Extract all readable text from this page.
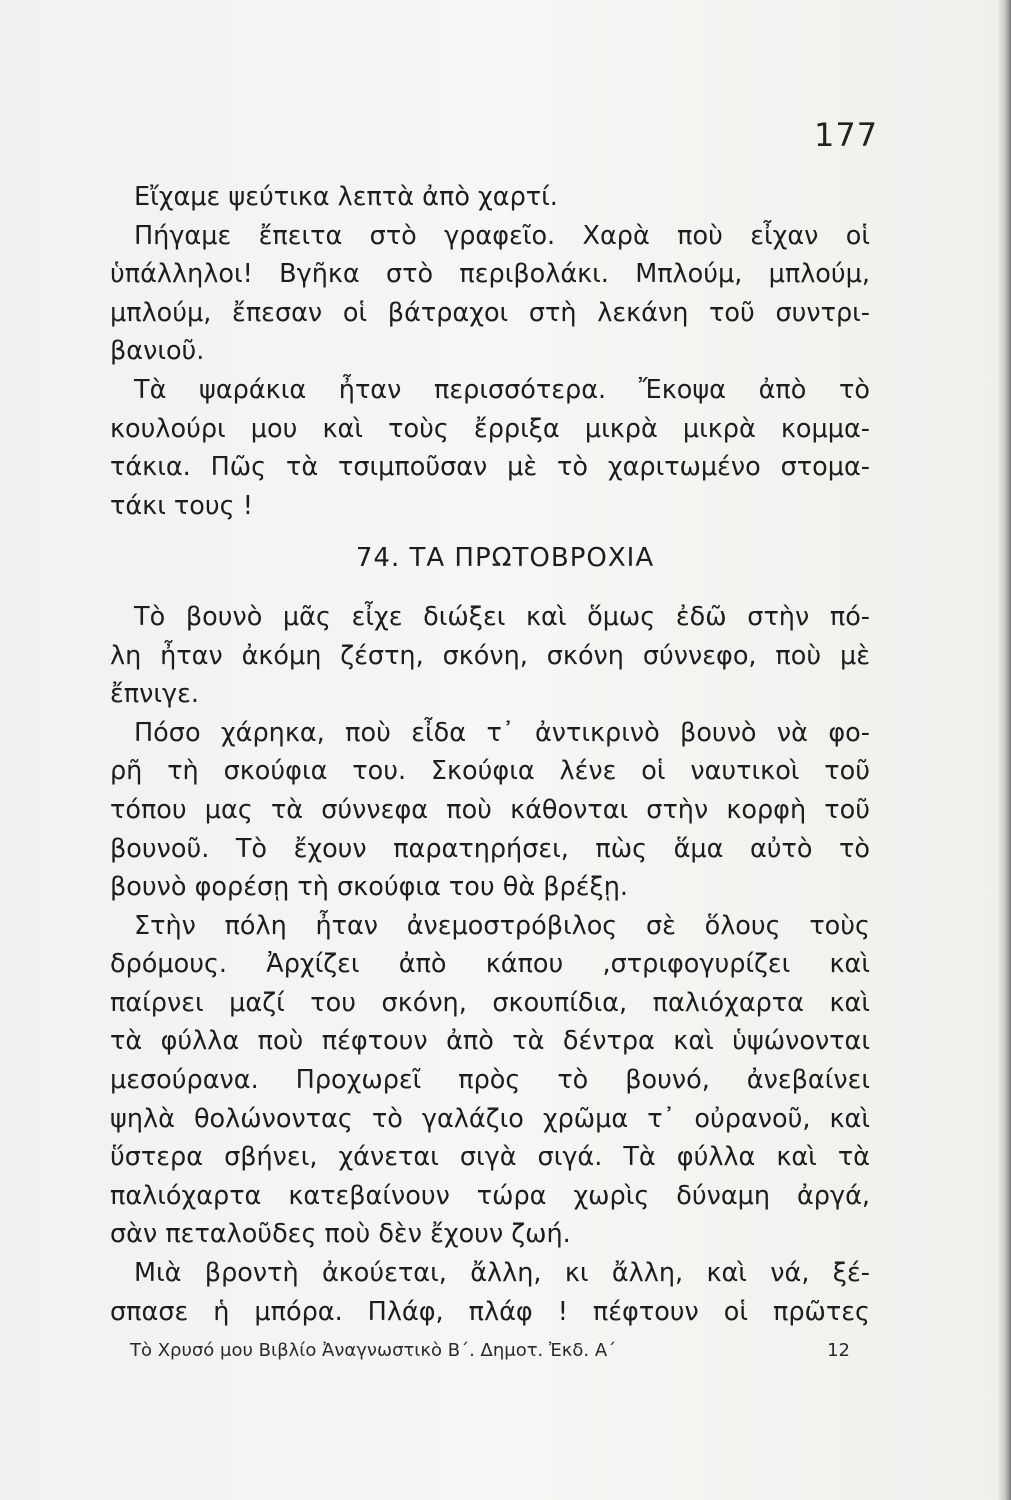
177
Εἴχαμε ψεύτικα λεπτὰ ἀπὸ χαρτί.
Πήγαμε ἔπειτα στὸ γραφεῖο. Χαρὰ ποὺ εἶχαν οἱ
ὑπάλληλοι! Βγῆκα στὸ περιβολάκι. Μπλούμ, μπλούμ,
μπλούμ, ἔπεσαν οἱ βάτραχοι στὴ λεκάνη τοῦ συντρι-
βανιοῦ.
Τὰ ψαράκια ἦταν περισσότερα. Ἔκοψα ἀπὸ τὸ
κουλούρι μου καὶ τοὺς ἔρριξα μικρὰ μικρὰ κομμα-
τάκια. Πῶς τὰ τσιμποῦσαν μὲ τὸ χαριτωμένο στομα-
τάκι τους !
74. ΤΑ ΠΡΩΤΟΒΡΟΧΙΑ
Τὸ βουνὸ μᾶς εἶχε διώξει καὶ ὅμως ἐδῶ στὴν πό-
λη ἦταν ἀκόμη ζέστη, σκόνη, σκόνη σύννεφο, ποὺ μὲ
ἔπνιγε.
Πόσο χάρηκα, ποὺ εἶδα τ᾽ ἀντικρινὸ βουνὸ νὰ φο-
ρῆ τὴ σκούφια του. Σκούφια λένε οἱ ναυτικοὶ τοῦ
τόπου μας τὰ σύννεφα ποὺ κάθονται στὴν κορφὴ τοῦ
βουνοῦ. Τὸ ἔχουν παρατηρήσει, πὼς ἅμα αὐτὸ τὸ
βουνὸ φορέσῃ τὴ σκούφια του θὰ βρέξῃ.
Στὴν πόλη ἦταν ἀνεμοστρόβιλος σὲ ὅλους τοὺς
δρόμους. Ἀρχίζει ἀπὸ κάπου ,στριφογυρίζει καὶ
παίρνει μαζί του σκόνη, σκουπίδια, παλιόχαρτα καὶ
τὰ φύλλα ποὺ πέφτουν ἀπὸ τὰ δέντρα καὶ ὑψώνονται
μεσούρανα. Προχωρεῖ πρὸς τὸ βουνό, ἀνεβαίνει
ψηλὰ θολώνοντας τὸ γαλάζιο χρῶμα τ᾽ οὐρανοῦ, καὶ
ὕστερα σβήνει, χάνεται σιγὰ σιγά. Τὰ φύλλα καὶ τὰ
παλιόχαρτα κατεβαίνουν τώρα χωρὶς δύναμη ἀργά,
σὰν πεταλοῦδες ποὺ δὲν ἔχουν ζωή.
Μιὰ βροντὴ ἀκούεται, ἄλλη, κι ἄλλη, καὶ νά, ξέ-
σπασε ἡ μπόρα. Πλάφ, πλάφ ! πέφτουν οἱ πρῶτες
Τὸ Χρυσό μου Βιβλίο Ἀναγνωστικὸ Β΄. Δημοτ. Ἐκδ. Α΄	12
